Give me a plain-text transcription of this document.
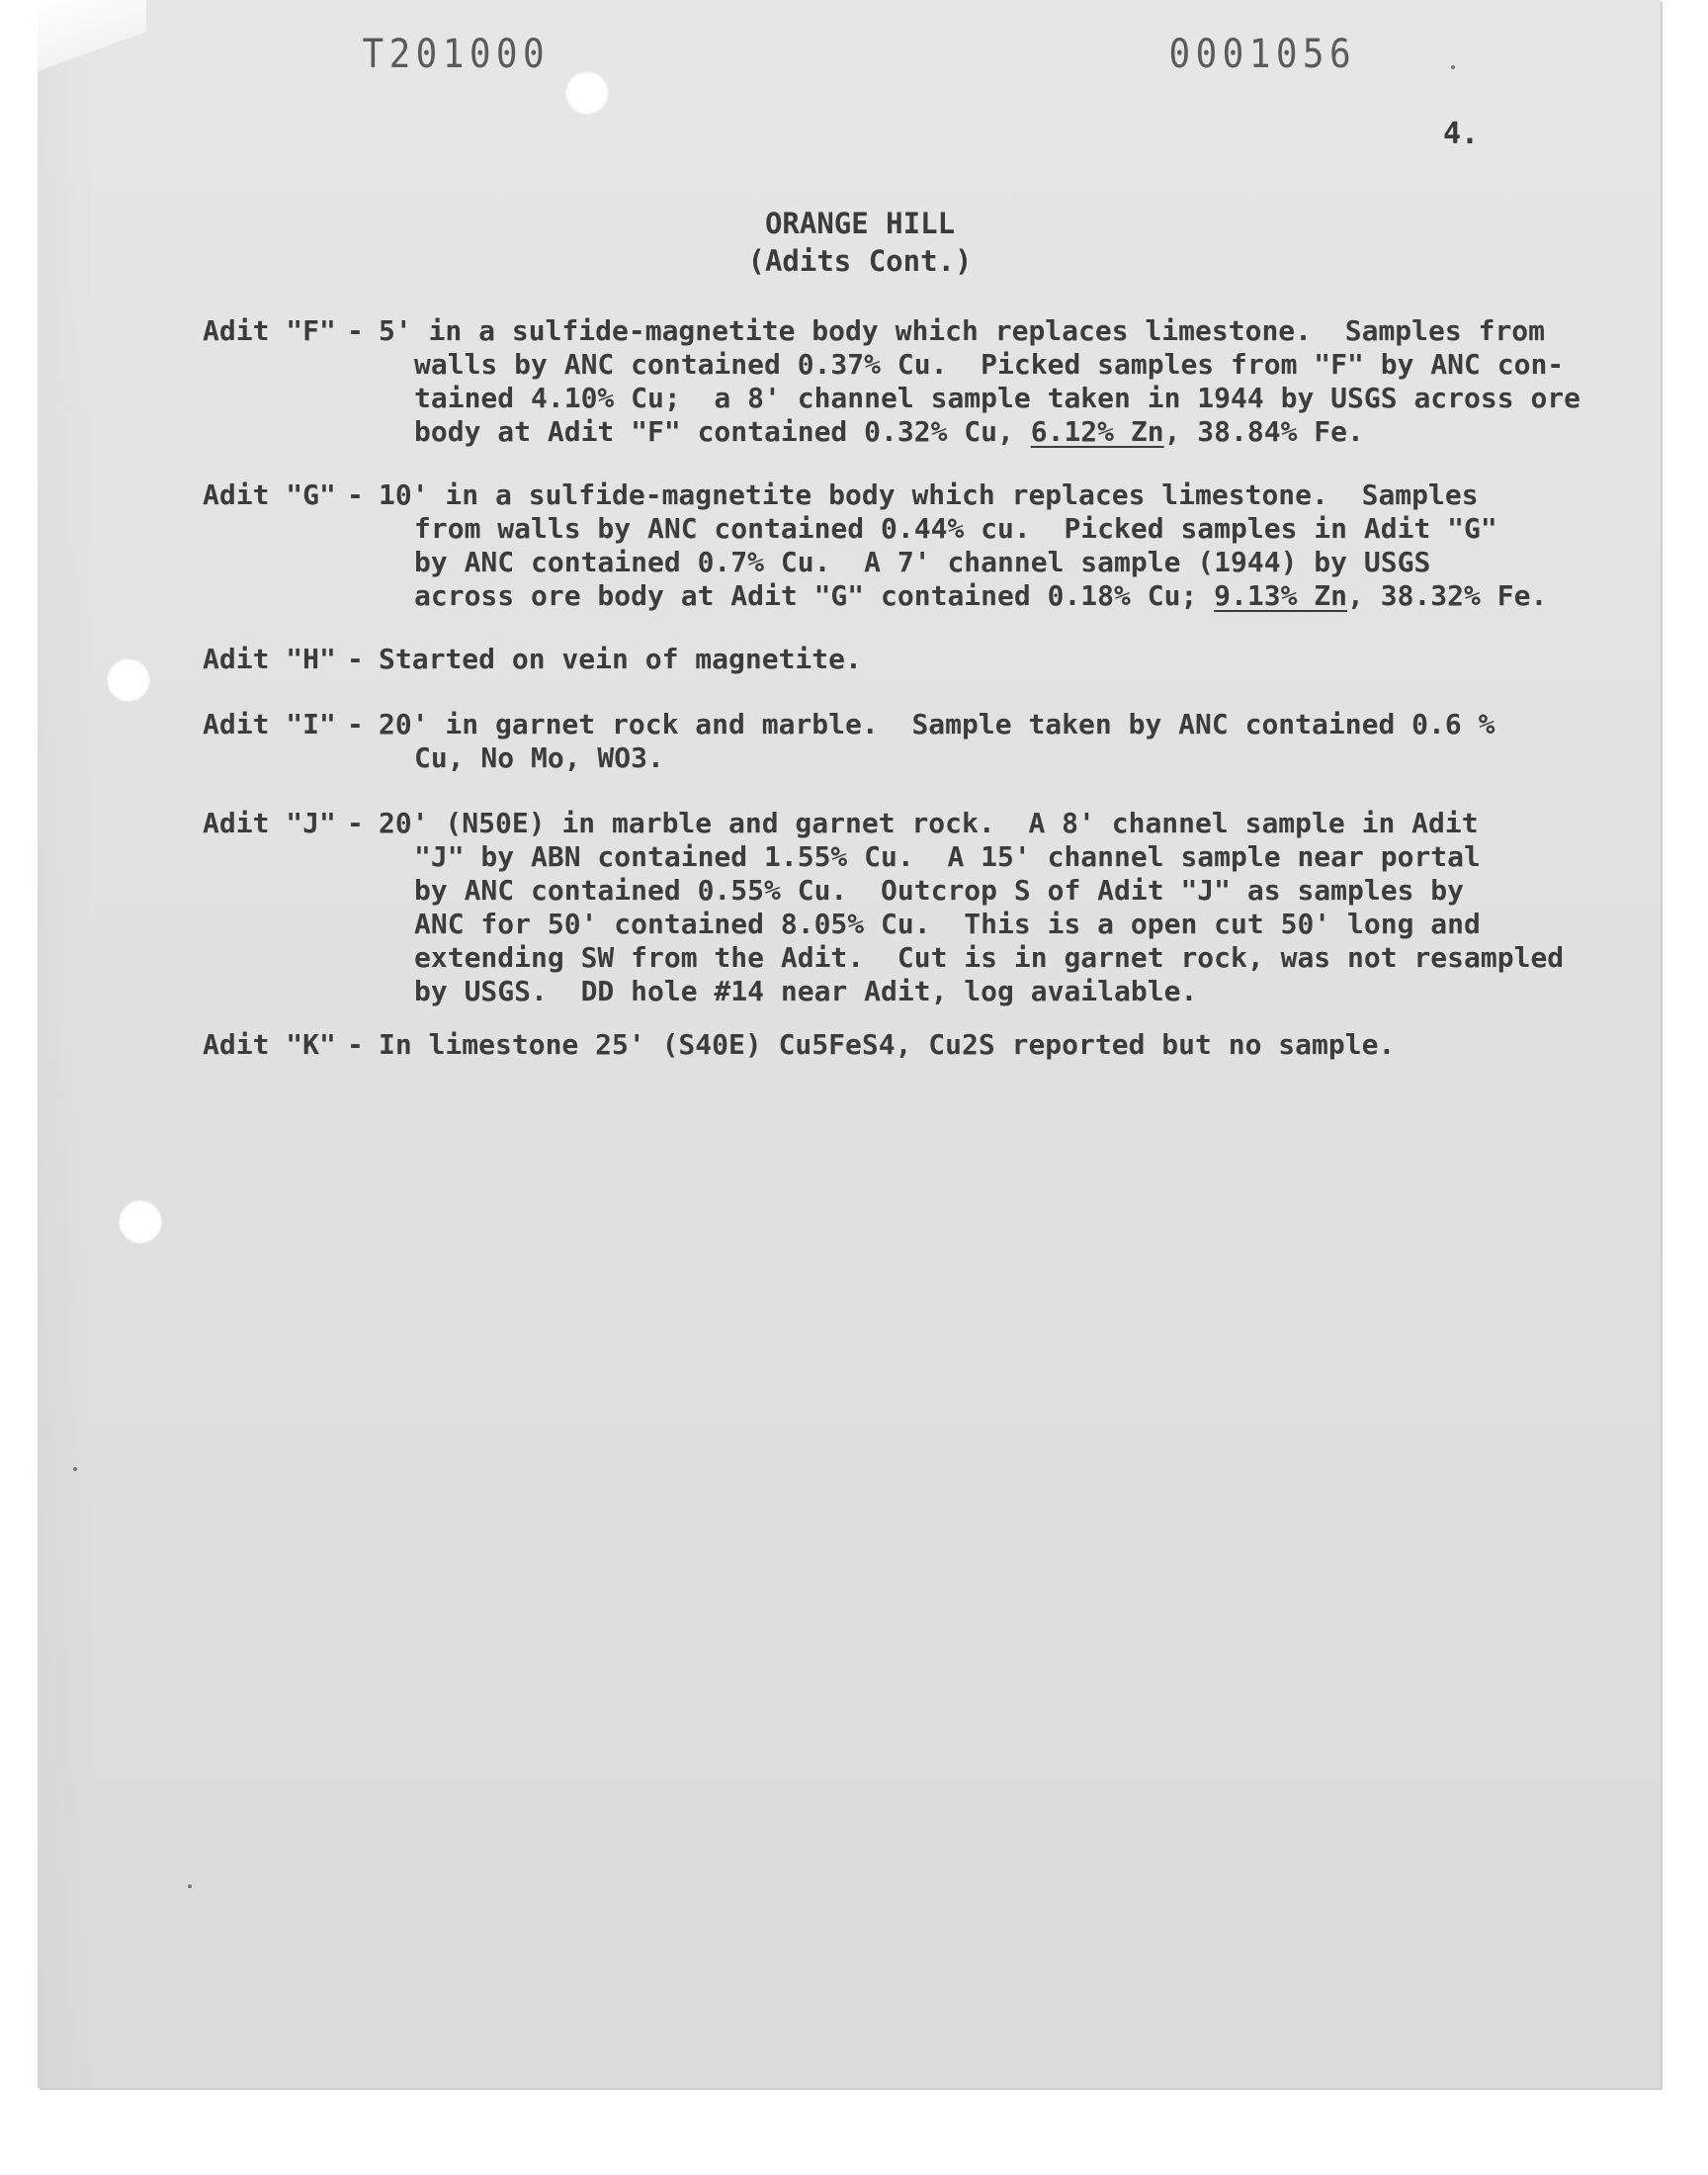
T201000	0001056
4.
ORANGE HILL
(Adits Cont.)
Adit "F" - 5' in a sulfide-magnetite body which replaces limestone.  Samples from
walls by ANC contained 0.37% Cu.  Picked samples from "F" by ANC con-
tained 4.10% Cu;  a 8' channel sample taken in 1944 by USGS across ore
body at Adit "F" contained 0.32% Cu, 6.12% Zn, 38.84% Fe.
Adit "G" - 10' in a sulfide-magnetite body which replaces limestone.  Samples
from walls by ANC contained 0.44% cu.  Picked samples in Adit "G"
by ANC contained 0.7% Cu.  A 7' channel sample (1944) by USGS
across ore body at Adit "G" contained 0.18% Cu; 9.13% Zn, 38.32% Fe.
Adit "H" - Started on vein of magnetite.
Adit "I" - 20' in garnet rock and marble.  Sample taken by ANC contained 0.6 %
Cu, No Mo, WO3.
Adit "J" - 20' (N50E) in marble and garnet rock.  A 8' channel sample in Adit
"J" by ABN contained 1.55% Cu.  A 15' channel sample near portal
by ANC contained 0.55% Cu.  Outcrop S of Adit "J" as samples by
ANC for 50' contained 8.05% Cu.  This is a open cut 50' long and
extending SW from the Adit.  Cut is in garnet rock, was not resampled
by USGS.  DD hole #14 near Adit, log available.
Adit "K" - In limestone 25' (S40E) Cu5FeS4, Cu2S reported but no sample.
